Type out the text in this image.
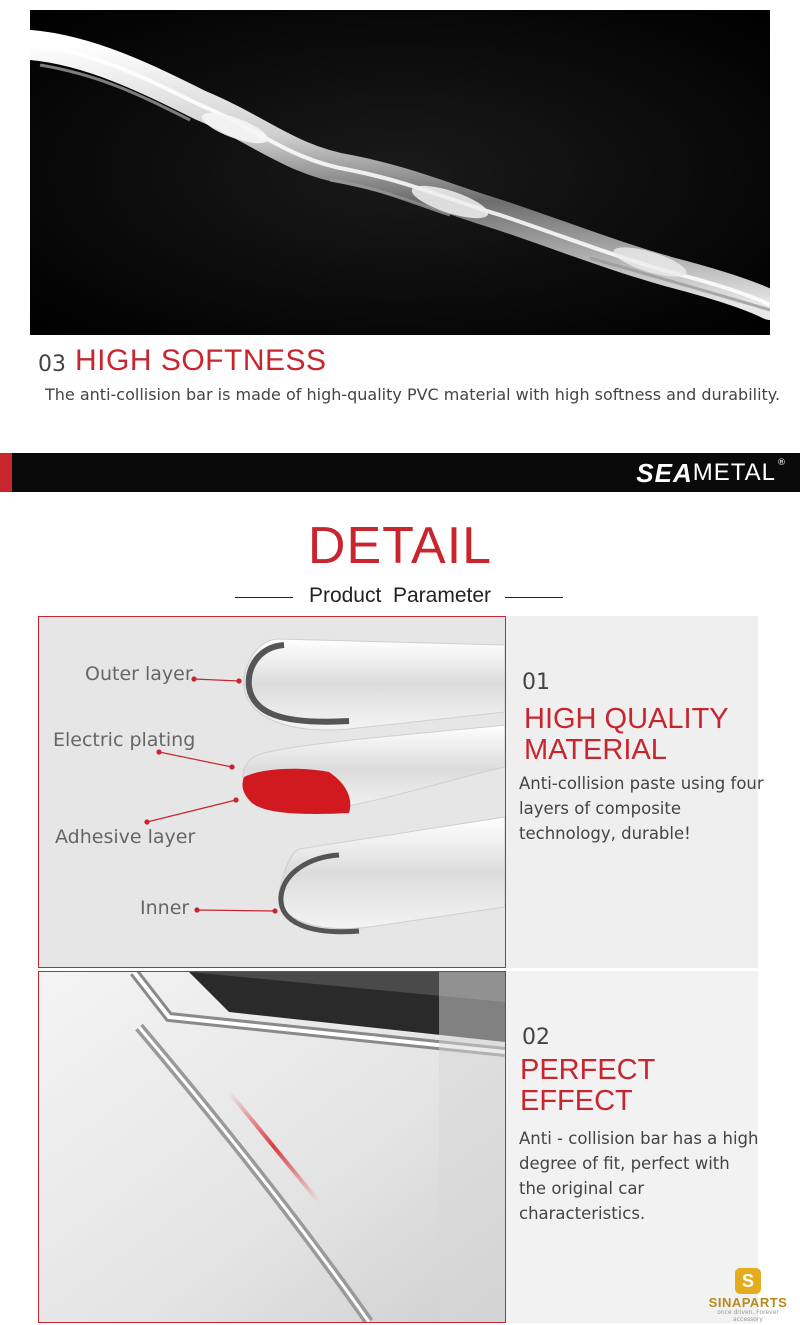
03 HIGH SOFTNESS
The anti-collision bar is made of high-quality PVC material with high softness and durability.
SEA METAL ®
DETAIL
Product  Parameter
Outer layer
Electric plating
Adhesive layer
Inner
01
HIGH QUALITY
MATERIAL
Anti-collision paste using four
layers of composite
technology, durable!
02
PERFECT
EFFECT
Anti - collision bar has a high
degree of fit, perfect with
the original car
characteristics.
S
SINAPARTS
once driven. Forever accessory
